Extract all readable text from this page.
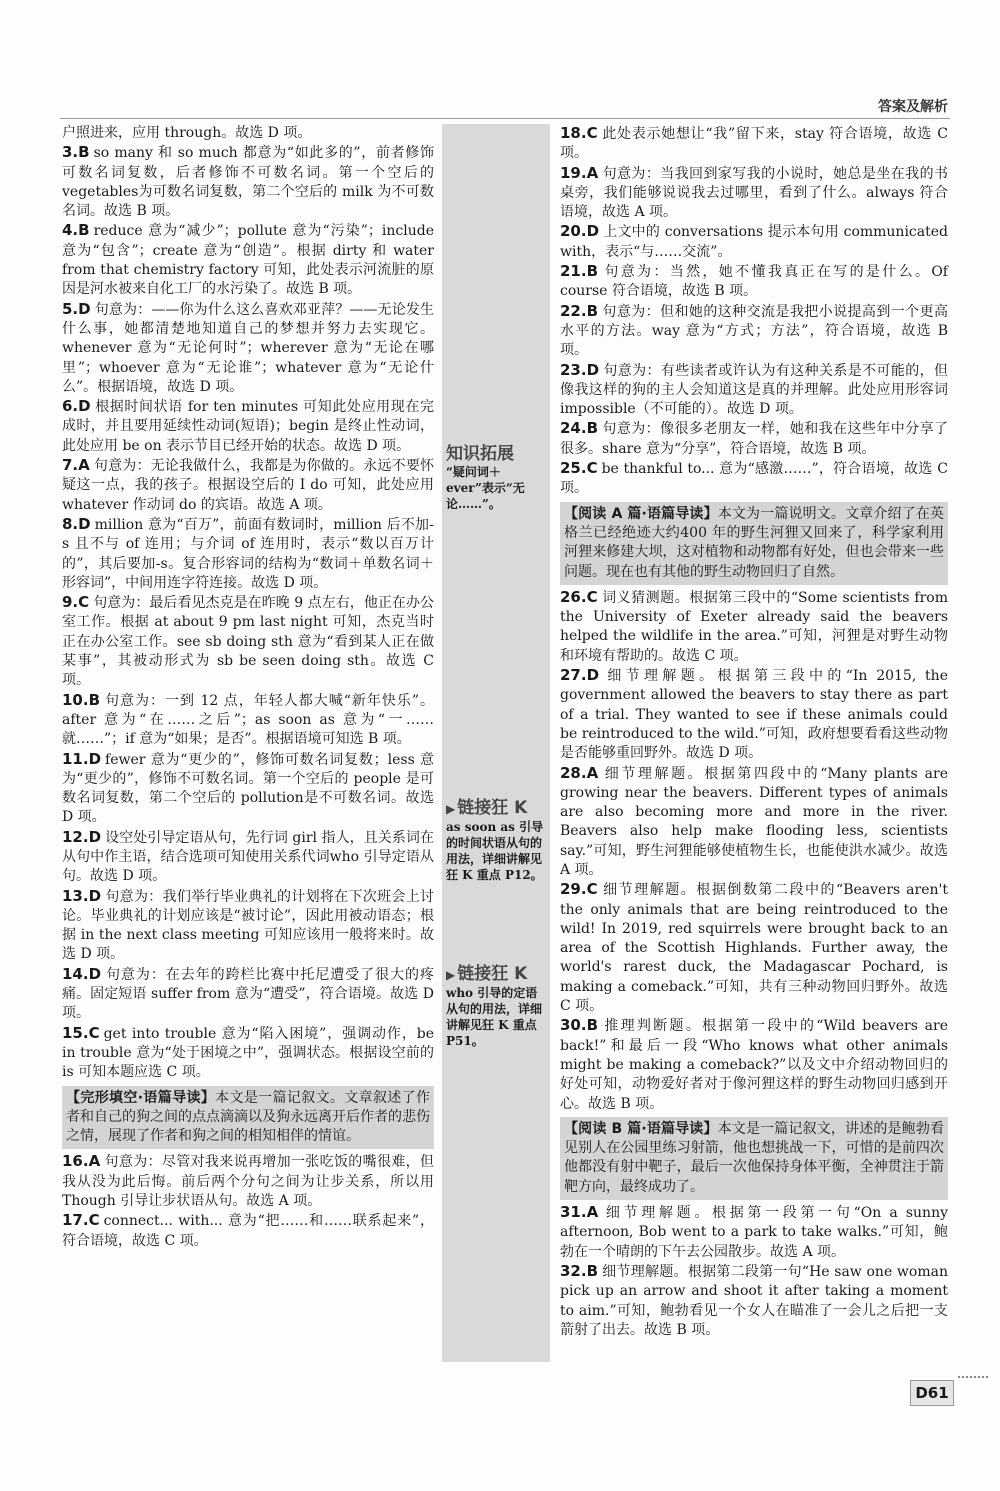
答案及解析
户照进来，应用 through。故选 D 项。
3.B so many 和 so much 都意为“如此多的”，前者修饰可数名词复数，后者修饰不可数名词。第一个空后的vegetables为可数名词复数，第二个空后的 milk 为不可数名词。故选 B 项。
4.B reduce 意为“减少”；pollute 意为“污染”；include意为“包含”；create 意为“创造”。根据 dirty 和 water from that chemistry factory 可知，此处表示河流脏的原因是河水被来自化工厂的水污染了。故选 B 项。
5.D 句意为：——你为什么这么喜欢邓亚萍？——无论发生什么事，她都清楚地知道自己的梦想并努力去实现它。whenever 意为“无论何时”；wherever 意为“无论在哪里”；whoever 意为“无论谁”；whatever 意为“无论什么”。根据语境，故选 D 项。
6.D 根据时间状语 for ten minutes 可知此处应用现在完成时，并且要用延续性动词(短语)；begin 是终止性动词，此处应用 be on 表示节目已经开始的状态。故选 D 项。
7.A 句意为：无论我做什么，我都是为你做的。永远不要怀疑这一点，我的孩子。根据设空后的 I do 可知，此处应用 whatever 作动词 do 的宾语。故选 A 项。
8.D million 意为“百万”，前面有数词时，million 后不加-s 且不与 of 连用；与介词 of 连用时，表示“数以百万计的”，其后要加-s。复合形容词的结构为“数词＋单数名词＋形容词”，中间用连字符连接。故选 D 项。
9.C 句意为：最后看见杰克是在昨晚 9 点左右，他正在办公室工作。根据 at about 9 pm last night 可知，杰克当时正在办公室工作。see sb doing sth 意为“看到某人正在做某事”，其被动形式为 sb be seen doing sth。故选 C 项。
10.B 句意为：一到 12 点，年轻人都大喊“新年快乐”。after 意为“在……之后”；as soon as 意为“一……就……”；if 意为“如果；是否”。根据语境可知选 B 项。
11.D fewer 意为“更少的”，修饰可数名词复数；less 意为“更少的”，修饰不可数名词。第一个空后的 people 是可数名词复数，第二个空后的 pollution是不可数名词。故选 D 项。
12.D 设空处引导定语从句，先行词 girl 指人，且关系词在从句中作主语，结合选项可知使用关系代词who 引导定语从句。故选 D 项。
13.D 句意为：我们举行毕业典礼的计划将在下次班会上讨论。毕业典礼的计划应该是“被讨论”，因此用被动语态；根据 in the next class meeting 可知应该用一般将来时。故选 D 项。
14.D 句意为：在去年的跨栏比赛中托尼遭受了很大的疼痛。固定短语 suffer from 意为“遭受”，符合语境。故选 D 项。
15.C get into trouble 意为“陷入困境”，强调动作，be in trouble 意为“处于困境之中”，强调状态。根据设空前的 is 可知本题应选 C 项。
【完形填空·语篇导读】本文是一篇记叙文。文章叙述了作者和自己的狗之间的点点滴滴以及狗永远离开后作者的悲伤之情，展现了作者和狗之间的相知相伴的情谊。
16.A 句意为：尽管对我来说再增加一张吃饭的嘴很难，但我从没为此后悔。前后两个分句之间为让步关系，所以用 Though 引导让步状语从句。故选 A 项。
17.C connect... with... 意为“把……和……联系起来”，符合语境，故选 C 项。
18.C 此处表示她想让“我”留下来，stay 符合语境，故选 C 项。
19.A 句意为：当我回到家写我的小说时，她总是坐在我的书桌旁，我们能够说说我去过哪里，看到了什么。always 符合语境，故选 A 项。
20.D 上文中的 conversations 提示本句用 communicated with，表示“与……交流”。
21.B 句意为：当然，她不懂我真正在写的是什么。Of course 符合语境，故选 B 项。
22.B 句意为：但和她的这种交流是我把小说提高到一个更高水平的方法。way 意为“方式；方法”，符合语境，故选 B 项。
23.D 句意为：有些读者或许认为有这种关系是不可能的，但像我这样的狗的主人会知道这是真的并理解。此处应用形容词 impossible（不可能的）。故选 D 项。
24.B 句意为：像很多老朋友一样，她和我在这些年中分享了很多。share 意为“分享”，符合语境，故选 B 项。
25.C be thankful to... 意为“感激……”，符合语境，故选 C 项。
【阅读 A 篇·语篇导读】本文为一篇说明文。文章介绍了在英格兰已经绝迹大约400 年的野生河狸又回来了，科学家利用河狸来修建大坝，这对植物和动物都有好处，但也会带来一些问题。现在也有其他的野生动物回归了自然。
26.C 词义猜测题。根据第三段中的“Some scientists from the University of Exeter already said the beavers helped the wildlife in the area.”可知，河狸是对野生动物和环境有帮助的。故选 C 项。
27.D 细节理解题。根据第三段中的“In 2015, the government allowed the beavers to stay there as part of a trial. They wanted to see if these animals could be reintroduced to the wild.”可知，政府想要看看这些动物是否能够重回野外。故选 D 项。
28.A 细节理解题。根据第四段中的“Many plants are growing near the beavers. Different types of animals are also becoming more and more in the river. Beavers also help make flooding less, scientists say.”可知，野生河狸能够使植物生长，也能使洪水减少。故选 A 项。
29.C 细节理解题。根据倒数第二段中的“Beavers aren't the only animals that are being reintroduced to the wild! In 2019, red squirrels were brought back to an area of the Scottish Highlands. Further away, the world's rarest duck, the Madagascar Pochard, is making a comeback.”可知，共有三种动物回归野外。故选 C 项。
30.B 推理判断题。根据第一段中的“Wild beavers are back!”和最后一段“Who knows what other animals might be making a comeback?”以及文中介绍动物回归的好处可知，动物爱好者对于像河狸这样的野生动物回归感到开心。故选 B 项。
【阅读 B 篇·语篇导读】本文是一篇记叙文，讲述的是鲍勃看见别人在公园里练习射箭，他也想挑战一下，可惜的是前四次他都没有射中靶子，最后一次他保持身体平衡，全神贯注于箭靶方向，最终成功了。
31.A 细节理解题。根据第一段第一句“On a sunny afternoon, Bob went to a park to take walks.”可知，鲍勃在一个晴朗的下午去公园散步。故选 A 项。
32.B 细节理解题。根据第二段第一句“He saw one woman pick up an arrow and shoot it after taking a moment to aim.”可知，鲍勃看见一个女人在瞄准了一会儿之后把一支箭射了出去。故选 B 项。
知识拓展
“疑问词＋ever”表示“无论……”。
▶ 链接狂 K
as soon as 引导的时间状语从句的用法，详细讲解见狂 K 重点 P12。
▶ 链接狂 K
who 引导的定语从句的用法，详细讲解见狂 K 重点 P51。
D61
